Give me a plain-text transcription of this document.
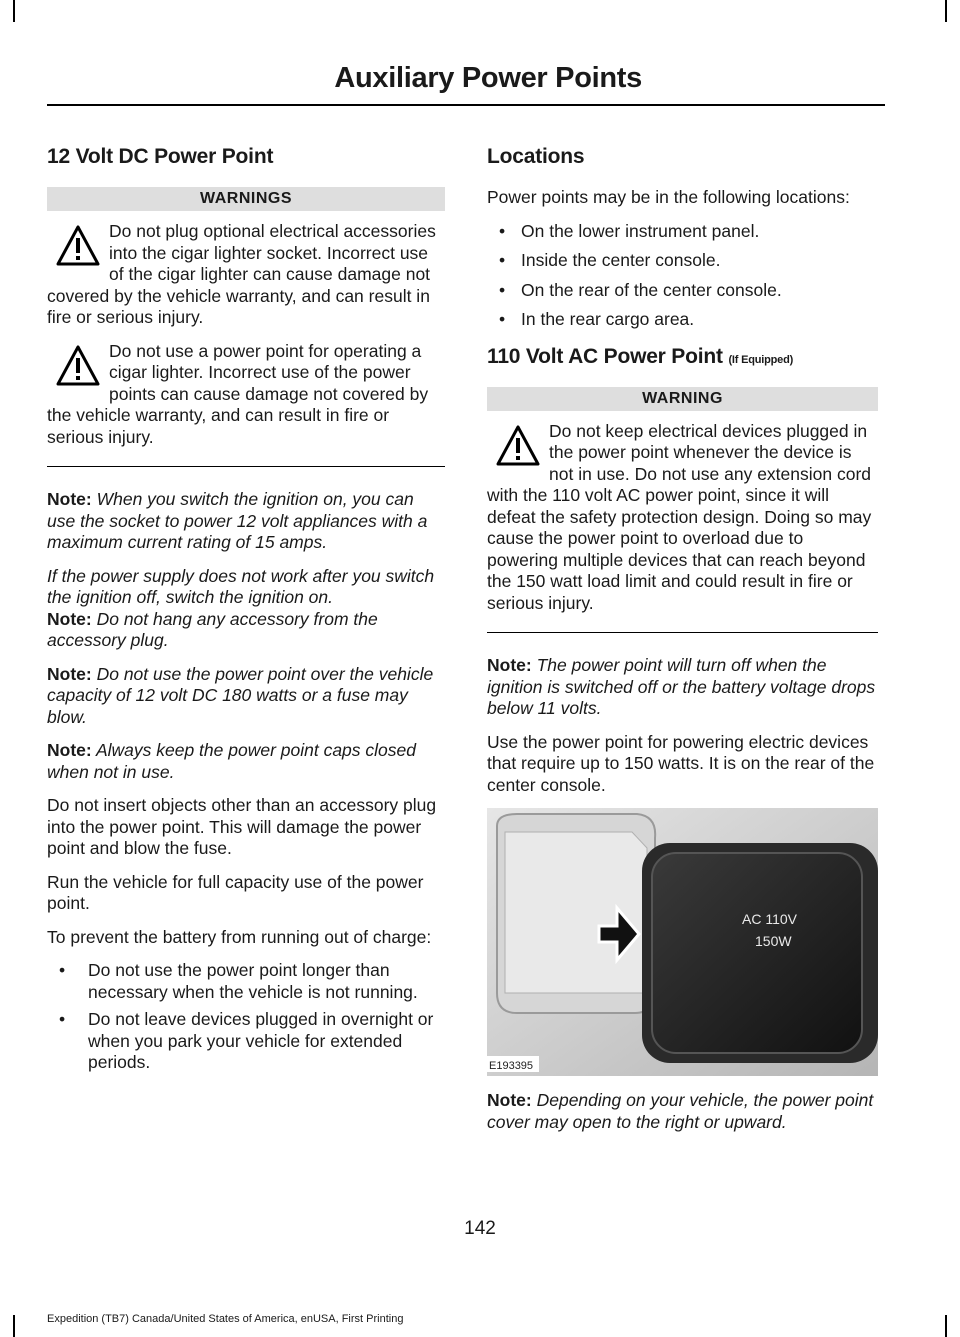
Auxiliary Power Points
12 Volt DC Power Point
WARNINGS
Do not plug optional electrical accessories into the cigar lighter socket. Incorrect use of the cigar lighter can cause damage not covered by the vehicle warranty, and can result in fire or serious injury.
Do not use a power point for operating a cigar lighter. Incorrect use of the power points can cause damage not covered by the vehicle warranty, and can result in fire or serious injury.

Note: When you switch the ignition on, you can use the socket to power 12 volt appliances with a maximum current rating of 15 amps.

If the power supply does not work after you switch the ignition off, switch the ignition on.

Note: Do not hang any accessory from the accessory plug.

Note: Do not use the power point over the vehicle capacity of 12 volt DC 180 watts or a fuse may blow.

Note: Always keep the power point caps closed when not in use.

Do not insert objects other than an accessory plug into the power point. This will damage the power point and blow the fuse.

Run the vehicle for full capacity use of the power point.

To prevent the battery from running out of charge:

• Do not use the power point longer than necessary when the vehicle is not running.
• Do not leave devices plugged in overnight or when you park your vehicle for extended periods.
Locations

Power points may be in the following locations:

• On the lower instrument panel.
• Inside the center console.
• On the rear of the center console.
• In the rear cargo area.
110 Volt AC Power Point (If Equipped)
WARNING
Do not keep electrical devices plugged in the power point whenever the device is not in use. Do not use any extension cord with the 110 volt AC power point, since it will defeat the safety protection design. Doing so may cause the power point to overload due to powering multiple devices that can reach beyond the 150 watt load limit and could result in fire or serious injury.

Note: The power point will turn off when the ignition is switched off or the battery voltage drops below 11 volts.

Use the power point for powering electric devices that require up to 150 watts. It is on the rear of the center console.

AC 110V
150W
E193395

Note: Depending on your vehicle, the power point cover may open to the right or upward.

142
Expedition (TB7) Canada/United States of America, enUSA, First Printing
